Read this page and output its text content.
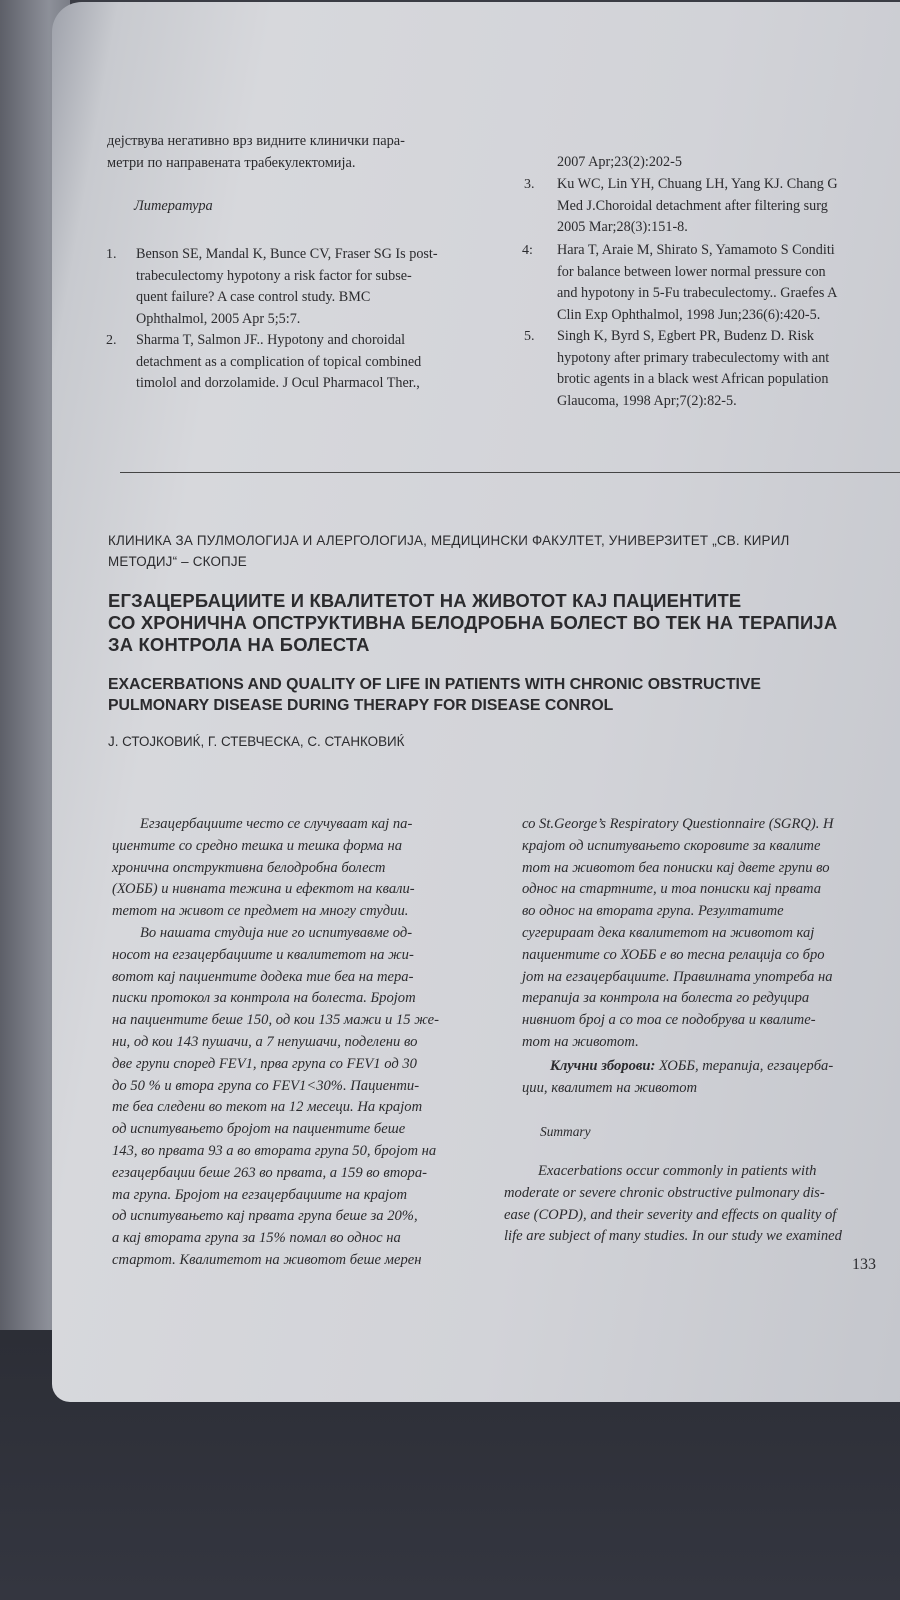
дејствува негативно врз видните клинички пара-

метри по направената трабекулектомија.

Литература
1. Benson SE, Mandal K, Bunce CV, Fraser SG Is post-

trabeculectomy hypotony a risk factor for subse-

quent failure? A case control study. BMC

Ophthalmol, 2005 Apr 5;5:7.

2. Sharma T, Salmon JF.. Hypotony and choroidal

detachment as a complication of topical combined

timolol and dorzolamide. J Ocul Pharmacol Ther.,

2007 Apr;23(2):202-5
3. Ku WC, Lin YH, Chuang LH, Yang KJ. Chang G

Med J.Choroidal detachment after filtering surg

2005 Mar;28(3):151-8.

4: Hara T, Araie M, Shirato S, Yamamoto S Conditi

for balance between lower normal pressure con

and hypotony in 5-Fu trabeculectomy.. Graefes A

Clin Exp Ophthalmol, 1998 Jun;236(6):420-5.

5. Singh K, Byrd S, Egbert PR, Budenz D. Risk

hypotony after primary trabeculectomy with ant

brotic agents in a black west African population

Glaucoma, 1998 Apr;7(2):82-5.

КЛИНИКА ЗА ПУЛМОЛОГИЈА И АЛЕРГОЛОГИЈА, МЕДИЦИНСКИ ФАКУЛТЕТ, УНИВЕРЗИТЕТ „СВ. КИРИЛ

МЕТОДИЈ“ – СКОПЈЕ

ЕГЗАЦЕРБАЦИИТЕ И КВАЛИТЕТОТ НА ЖИВОТОТ КАЈ ПАЦИЕНТИТЕ

СО ХРОНИЧНА ОПСТРУКТИВНА БЕЛОДРОБНА БОЛЕСТ ВО ТЕК НА ТЕРАПИЈА

ЗА КОНТРОЛА НА БОЛЕСТА

EXACERBATIONS AND QUALITY OF LIFE IN PATIENTS WITH CHRONIC OBSTRUCTIVE

PULMONARY DISEASE DURING THERAPY FOR DISEASE CONROL

J. СТОЈКОВИЌ, Г. СТЕВЧЕСКА, С. СТАНКОВИЌ

Егзацербациите често се случуваат кај па-

циентите со средно тешка и тешка форма на

хронична опструктивна белодробна болест

(ХОББ) и нивната тежина и ефектот на квали-

тетот на живот се предмет на многу студии.

Во нашата студија ние го испитувавме од-

носот на егзацербациите и квалитетот на жи-

вотот кај пациентите додека тие беа на тера-

писки протокол за контрола на болеста. Бројот

на пациентите беше 150, од кои 135 мажи и 15 же-

ни, од кои 143 пушачи, а 7 непушачи, поделени во

две групи според FEV1, прва група со FEV1 од 30

до 50 % и втора група со FEV1<30%. Пациенти-

те беа следени во текот на 12 месеци. На крајот

од испитувањето бројот на пациентите беше

143, во првата 93 а во втората група 50, бројот на

егзацербации беше 263 во првата, а 159 во втора-

та група. Бројот на егзацербациите на крајот

од испитувањето кај првата група беше за 20%,

а кај втората група за 15% помал во однос на

стартот. Квалитетот на животот беше мерен

со St.George’s Respiratory Questionnaire (SGRQ). Н

крајот од испитувањето скоровите за квалите

тот на животот беа пониски кај двете групи во

однос на стартните, и тоа пониски кај првата

во однос на втората група. Резултатите

сугерираат дека квалитетот на животот кај

пациентите со ХОББ е во тесна релација со бро

јот на егзацербациите. Правилната употреба на

терапија за контрола на болеста го редуцира

нивниот број а со тоа се подобрува и квалите-

тот на животот.

Клучни зборови: ХОББ, терапија, егзацерба-

ции, квалитет на животот

Summary

Exacerbations occur commonly in patients with

moderate or severe chronic obstructive pulmonary dis-

ease (COPD), and their severity and effects on quality of

life are subject of many studies. In our study we examined

133
